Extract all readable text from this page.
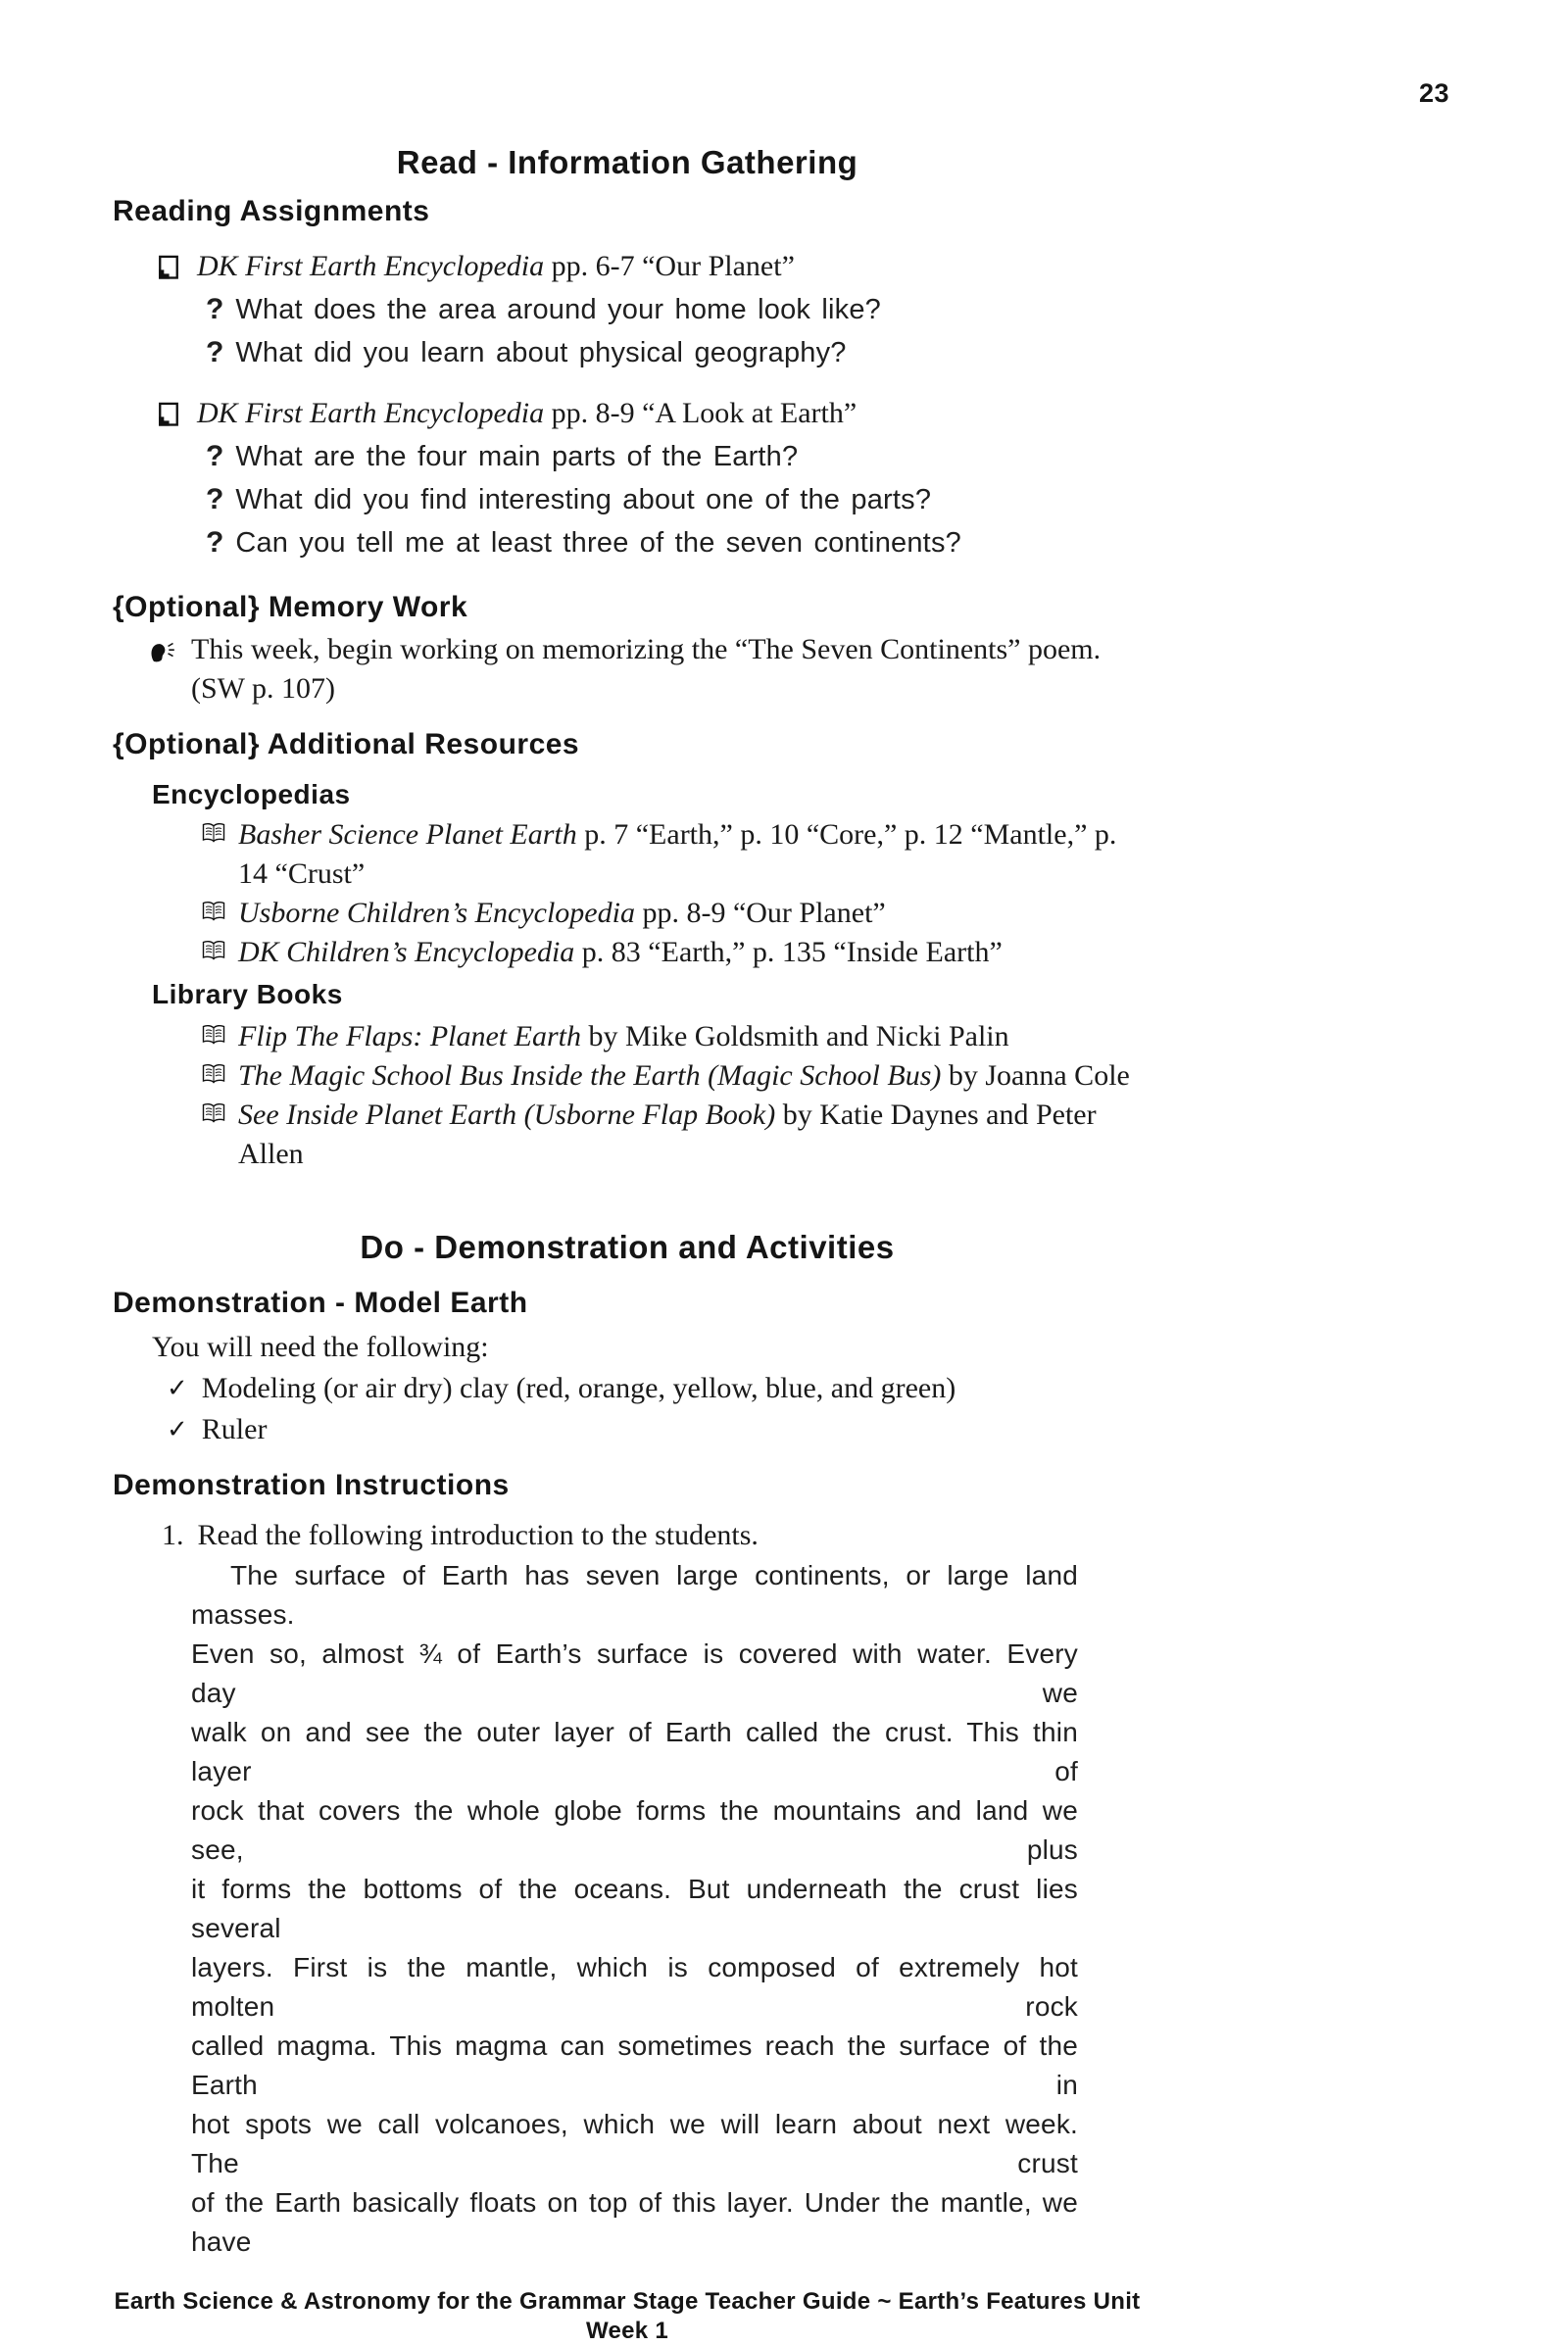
23
Read - Information Gathering
Reading Assignments
DK First Earth Encyclopedia pp. 6-7 “Our Planet”
? What does the area around your home look like?
? What did you learn about physical geography?
DK First Earth Encyclopedia pp. 8-9 “A Look at Earth”
? What are the four main parts of the Earth?
? What did you find interesting about one of the parts?
? Can you tell me at least three of the seven continents?
{Optional} Memory Work
This week, begin working on memorizing the “The Seven Continents” poem. (SW p. 107)
{Optional} Additional Resources
Encyclopedias
Basher Science Planet Earth p. 7 “Earth,” p. 10 “Core,” p. 12 “Mantle,” p. 14 “Crust”
Usborne Children’s Encyclopedia pp. 8-9 “Our Planet”
DK Children’s Encyclopedia p. 83 “Earth,” p. 135 “Inside Earth”
Library Books
Flip The Flaps: Planet Earth by Mike Goldsmith and Nicki Palin
The Magic School Bus Inside the Earth (Magic School Bus) by Joanna Cole
See Inside Planet Earth (Usborne Flap Book) by Katie Daynes and Peter Allen
Do - Demonstration and Activities
Demonstration - Model Earth
You will need the following:
✓ Modeling (or air dry) clay (red, orange, yellow, blue, and green)
✓ Ruler
Demonstration Instructions
1. Read the following introduction to the students.
The surface of Earth has seven large continents, or large land masses.
Even so, almost ¾ of Earth’s surface is covered with water. Every day we
walk on and see the outer layer of Earth called the crust. This thin layer of
rock that covers the whole globe forms the mountains and land we see, plus
it forms the bottoms of the oceans. But underneath the crust lies several
layers. First is the mantle, which is composed of extremely hot molten rock
called magma. This magma can sometimes reach the surface of the Earth in
hot spots we call volcanoes, which we will learn about next week. The crust
of the Earth basically floats on top of this layer. Under the mantle, we have
Earth Science & Astronomy for the Grammar Stage Teacher Guide ~ Earth’s Features Unit Week 1
